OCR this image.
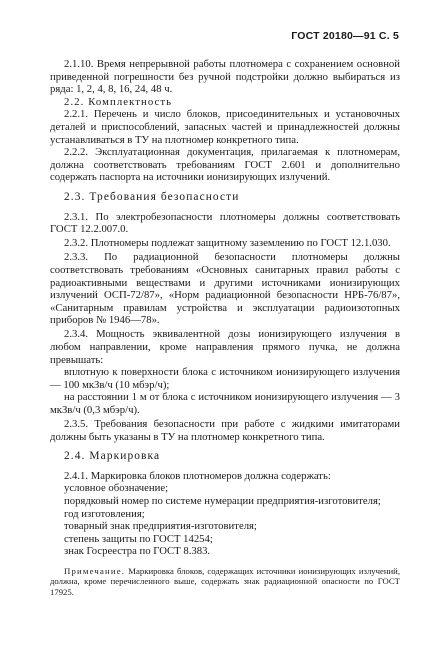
ГОСТ 20180—91 С. 5

2.1.10. Время непрерывной работы плотномера с сохранением основной приведенной погрешности без ручной подстройки должно выбираться из ряда: 1, 2, 4, 8, 16, 24, 48 ч.

2.2. Комплектность

2.2.1. Перечень и число блоков, присоединительных и установочных деталей и приспособлений, запасных частей и принадлежностей должны устанавливаться в ТУ на плотномер конкретного типа.

2.2.2. Эксплуатационная документация, прилагаемая к плотномерам, должна соответствовать требованиям ГОСТ 2.601 и дополнительно содержать паспорта на источники ионизирующих излучений.

2.3. Требования безопасности

2.3.1. По электробезопасности плотномеры должны соответствовать ГОСТ 12.2.007.0.

2.3.2. Плотномеры подлежат защитному заземлению по ГОСТ 12.1.030.

2.3.3. По радиационной безопасности плотномеры должны соответствовать требованиям «Основных санитарных правил работы с радиоактивными веществами и другими источниками ионизирующих излучений ОСП-72/87», «Норм радиационной безопасности НРБ-76/87», «Санитарным правилам устройства и эксплуатации радиоизотопных приборов № 1946—78».

2.3.4. Мощность эквивалентной дозы ионизирующего излучения в любом направлении, кроме направления прямого пучка, не должна превышать:

вплотную к поверхности блока с источником ионизирующего излучения — 100 мкЗв/ч (10 мбэр/ч);

на расстоянии 1 м от блока с источником ионизирующего излучения — 3 мкЗв/ч (0,3 мбэр/ч).

2.3.5. Требования безопасности при работе с жидкими имитаторами должны быть указаны в ТУ на плотномер конкретного типа.

2.4. Маркировка

2.4.1. Маркировка блоков плотномеров должна содержать:

условное обозначение;

порядковый номер по системе нумерации предприятия-изготовителя;

год изготовления;

товарный знак предприятия-изготовителя;

степень защиты по ГОСТ 14254;

знак Госреестра по ГОСТ 8.383.

Примечание. Маркировка блоков, содержащих источники ионизирующих излучений, должна, кроме перечисленного выше, содержать знак радиационной опасности по ГОСТ 17925.
